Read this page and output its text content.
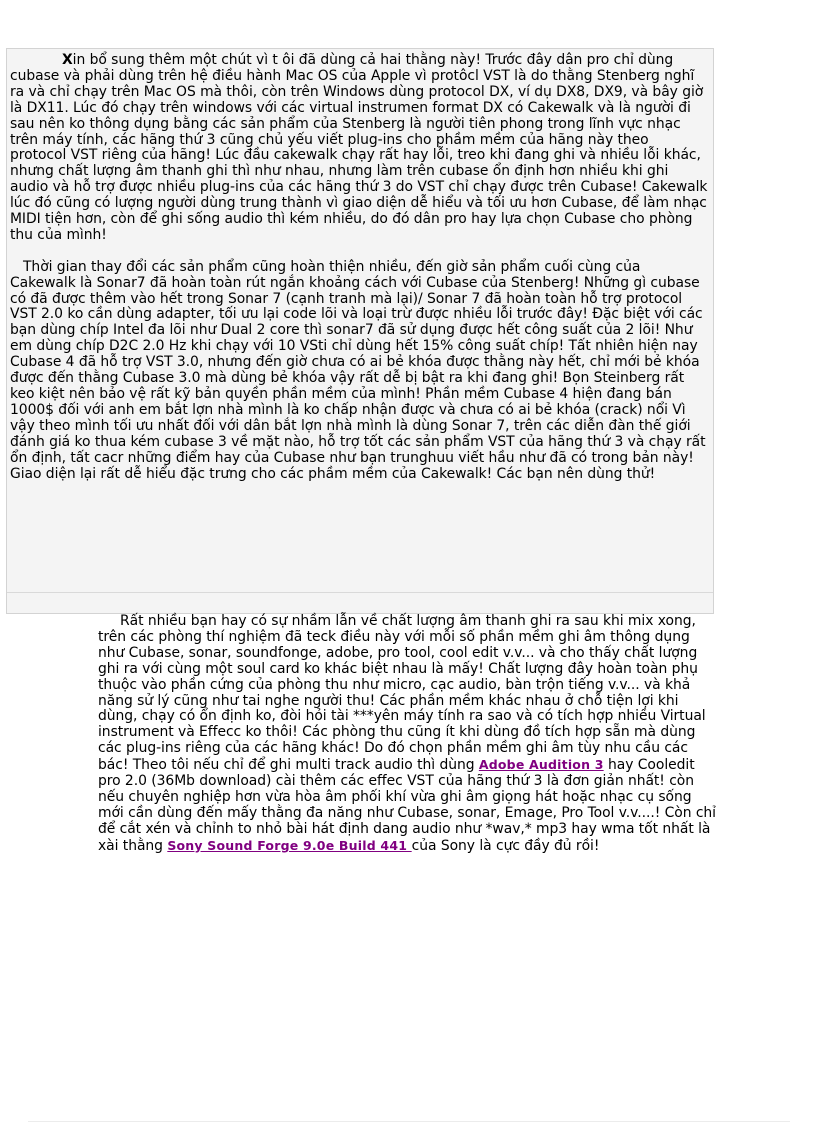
Xin bổ sung thêm một chút vì t ôi đã dùng cả hai thằng này! Trước đây dân pro chỉ dùng cubase và phải dùng trên hệ điều hành Mac OS của Apple vì protôcl VST là do thằng Stenberg nghĩ ra và chỉ chạy trên Mac OS mà thôi, còn trên Windows dùng protocol DX, ví dụ DX8, DX9, và bây giờ là DX11. Lúc đó chạy trên windows với các virtual instrumen format DX có Cakewalk và là người đi sau nên ko thông dụng bằng các sản phẩm của Stenberg là người tiên phong trong lĩnh vực nhạc trên máy tính, các hãng thứ 3 cũng chủ yếu viết plug-ins cho phầm mềm của hãng này theo protocol VST riêng của hãng! Lúc đầu cakewalk chạy rất hay lỗi, treo khi đang ghi và nhiều lỗi khác, nhưng chất lượng âm thanh ghi thì như nhau, nhưng làm trên cubase ổn định hơn nhiều khi ghi audio và hỗ trợ được nhiều plug-ins của các hãng thứ 3 do VST chỉ chạy được trên Cubase! Cakewalk lúc đó cũng có lượng người dùng trung thành vì giao diện dễ hiểu và tối ưu hơn Cubase, để làm nhạc MIDI tiện hơn, còn để ghi sống audio thì kém nhiều, do đó dân pro hay lựa chọn Cubase cho phòng thu của mình!

Thời gian thay đổi các sản phẩm cũng hoàn thiện nhiều, đến giờ sản phẩm cuối cùng của Cakewalk là Sonar7 đã hoàn toàn rút ngắn khoảng cách với Cubase của Stenberg! Những gì cubase có đã được thêm vào hết trong Sonar 7 (cạnh tranh mà lại)/ Sonar 7 đã hoàn toàn hỗ trợ protocol VST 2.0 ko cần dùng adapter, tối ưu lại code lõi và loại trừ được nhiều lỗi trước đây! Đặc biệt với các bạn dùng chíp Intel đa lõi như Dual 2 core thì sonar7 đã sử dụng được hết công suất của 2 lõi! Như em dùng chíp D2C 2.0 Hz khi chạy với 10 VSti chỉ dùng hết 15% công suất chíp! Tất nhiên hiện nay Cubase 4 đã hỗ trợ VST 3.0, nhưng đến giờ chưa có ai bẻ khóa được thằng này hết, chỉ mới bẻ khóa được đến thằng Cubase 3.0 mà dùng bẻ khóa vậy rất dễ bị bật ra khi đang ghi! Bọn Steinberg rất keo kiệt nên bảo vệ rất kỹ bản quyền phần mềm của mình! Phần mềm Cubase 4 hiện đang bán 1000$ đối với anh em bắt lợn nhà mình là ko chấp nhận được và chưa có ai bẻ khóa (crack) nổi Vì vậy theo mình tối ưu nhất đối với dân bắt lợn nhà mình là dùng Sonar 7, trên các diễn đàn thế giới đánh giá ko thua kém cubase 3 về mặt nào, hỗ trợ tốt các sản phẩm VST của hãng thứ 3 và chạy rất ổn định, tất cacr những điểm hay của Cubase như bạn trunghuu viết hầu như đã có trong bản này! Giao diện lại rất dễ hiểu đặc trưng cho các phầm mềm của Cakewalk! Các bạn nên dùng thử!

Rất nhiều bạn hay có sự nhầm lẫn về chất lượng âm thanh ghi ra sau khi mix xong, trên các phòng thí nghiệm đã teck điều này với mỗi số phần mềm ghi âm thông dụng như Cubase, sonar, soundfonge, adobe, pro tool, cool edit v.v... và cho thấy chất lượng ghi ra với cùng một soul card ko khác biệt nhau là mấy! Chất lượng đây hoàn toàn phụ thuộc vào phần cứng của phòng thu như micro, cạc audio, bàn trộn tiếng v.v... và khả năng sử lý cũng như tai nghe người thu! Các phần mềm khác nhau ở chỗ tiện lợi khi dùng, chạy có ổn định ko, đòi hỏi tài ***yên máy tính ra sao và có tích hợp nhiều Virtual instrument và Effecc ko thôi! Các phòng thu cũng ít khi dùng đồ tích hợp sẵn mà dùng các plug-ins riêng của các hãng khác! Do đó chọn phần mềm ghi âm tùy nhu cầu các bác! Theo tôi nếu chỉ để ghi multi track audio thì dùng Adobe Audition 3 hay Cooledit pro 2.0 (36Mb download) cài thêm các effec VST của hãng thứ 3 là đơn giản nhất! còn nếu chuyên nghiệp hơn vừa hòa âm phối khí vừa ghi âm giọng hát hoặc nhạc cụ sống mới cần dùng đến mấy thằng đa năng như Cubase, sonar, Emage, Pro Tool v.v....! Còn chỉ để cắt xén và chỉnh to nhỏ bài hát định dang audio như *wav,* mp3 hay wma tốt nhất là xài thằng Sony Sound Forge 9.0e Build 441 của Sony là cực đầy đủ rồi!
